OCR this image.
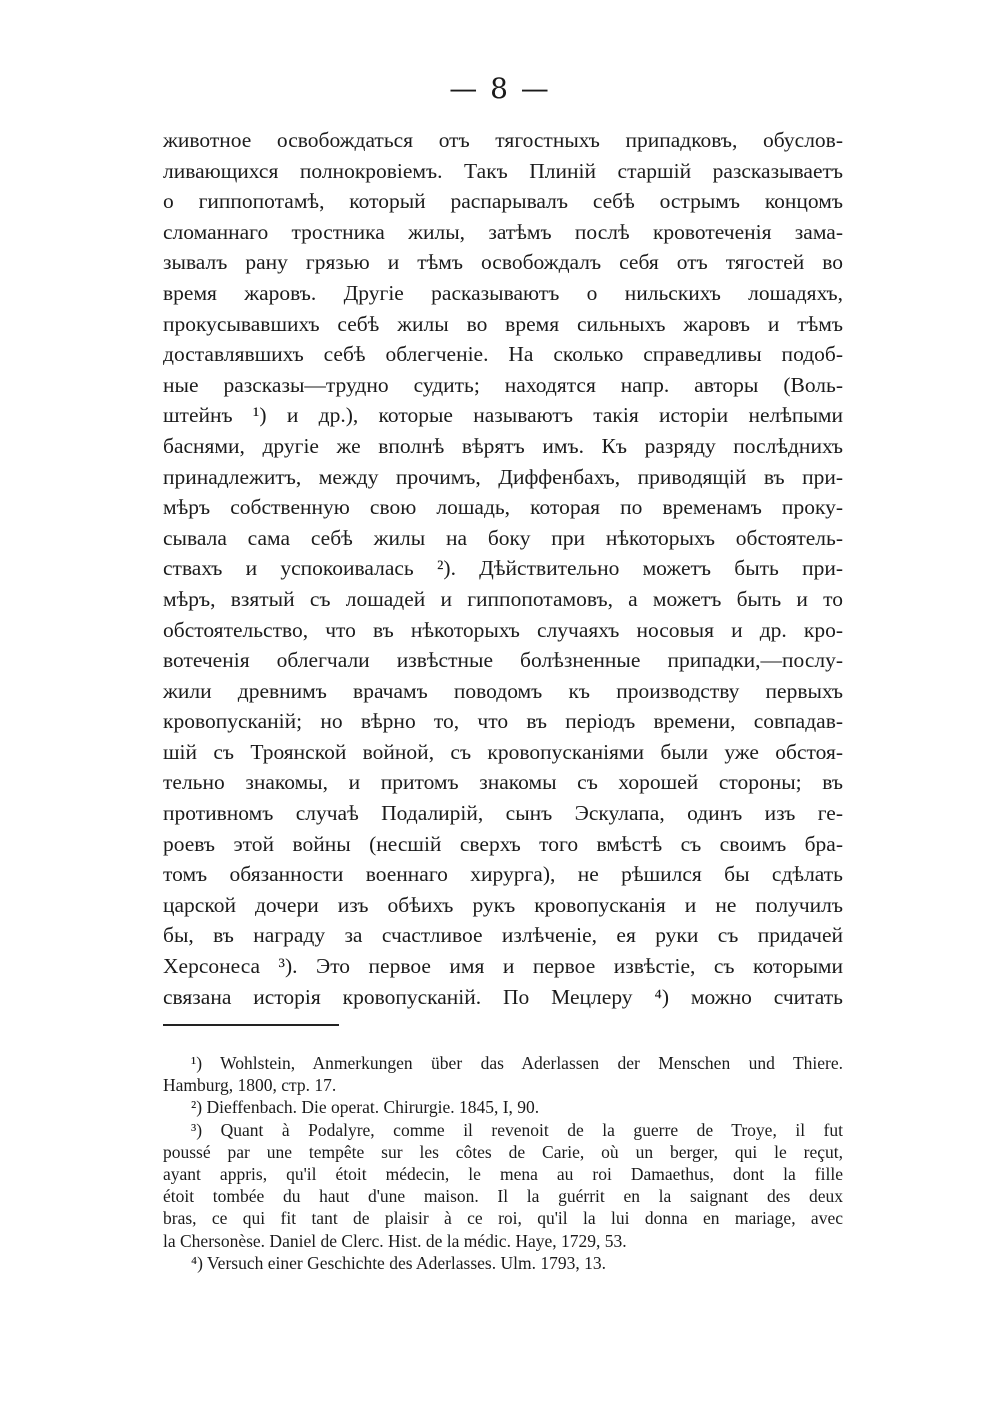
— 8 —
животное освобождаться отъ тягостныхъ припадковъ, обуслов-
ливающихся полнокровіемъ. Такъ Плиній старшій разсказываетъ
о гиппопотамѣ, который распарывалъ себѣ острымъ концомъ
сломаннаго тростника жилы, затѣмъ послѣ кровотеченія зама-
зывалъ рану грязью и тѣмъ освобождалъ себя отъ тягостей во
время жаровъ. Другіе расказываютъ о нильскихъ лошадяхъ,
прокусывавшихъ себѣ жилы во время сильныхъ жаровъ и тѣмъ
доставлявшихъ себѣ облегченіе. На сколько справедливы подоб-
ные разсказы—трудно судить; находятся напр. авторы (Воль-
штейнъ ¹) и др.), которые называютъ такія исторіи нелѣпыми
баснями, другіе же вполнѣ вѣрятъ имъ. Къ разряду послѣднихъ
принадлежитъ, между прочимъ, Диффенбахъ, приводящій въ при-
мѣръ собственную свою лошадь, которая по временамъ проку-
сывала сама себѣ жилы на боку при нѣкоторыхъ обстоятель-
ствахъ и успокоивалась ²). Дѣйствительно можетъ быть при-
мѣръ, взятый съ лошадей и гиппопотамовъ, а можетъ быть и то
обстоятельство, что въ нѣкоторыхъ случаяхъ носовыя и др. кро-
вотеченія облегчали извѣстные болѣзненные припадки,—послу-
жили древнимъ врачамъ поводомъ къ производству первыхъ
кровопусканій; но вѣрно то, что въ періодъ времени, совпадав-
шій съ Троянской войной, съ кровопусканіями были уже обстоя-
тельно знакомы, и притомъ знакомы съ хорошей стороны; въ
противномъ случаѣ Подалирій, сынъ Эскулапа, одинъ изъ ге-
роевъ этой войны (несшій сверхъ того вмѣстѣ съ своимъ бра-
томъ обязанности военнаго хирурга), не рѣшился бы сдѣлать
царской дочери изъ обѣихъ рукъ кровопусканія и не получилъ
бы, въ награду за счастливое излѣченіе, ея руки съ придачей
Херсонеса ³). Это первое имя и первое извѣстіе, съ которыми
связана исторія кровопусканій. По Мецлеру ⁴) можно считать
¹) Wohlstein, Anmerkungen über das Aderlassen der Menschen und Thiere.
Hamburg, 1800, стр. 17.
²) Dieffenbach. Die operat. Chirurgie. 1845, I, 90.
³) Quant à Podalyre, comme il revenoit de la guerre de Troye, il fut
poussé par une tempête sur les côtes de Carie, où un berger, qui le reçut,
ayant appris, qu'il étoit médecin, le mena au roi Damaethus, dont la fille
étoit tombée du haut d'une maison. Il la guérrit en la saignant des deux
bras, ce qui fit tant de plaisir à ce roi, qu'il la lui donna en mariage, avec
la Chersonèse. Daniel de Clerc. Hist. de la médic. Haye, 1729, 53.
⁴) Versuch einer Geschichte des Aderlasses. Ulm. 1793, 13.
